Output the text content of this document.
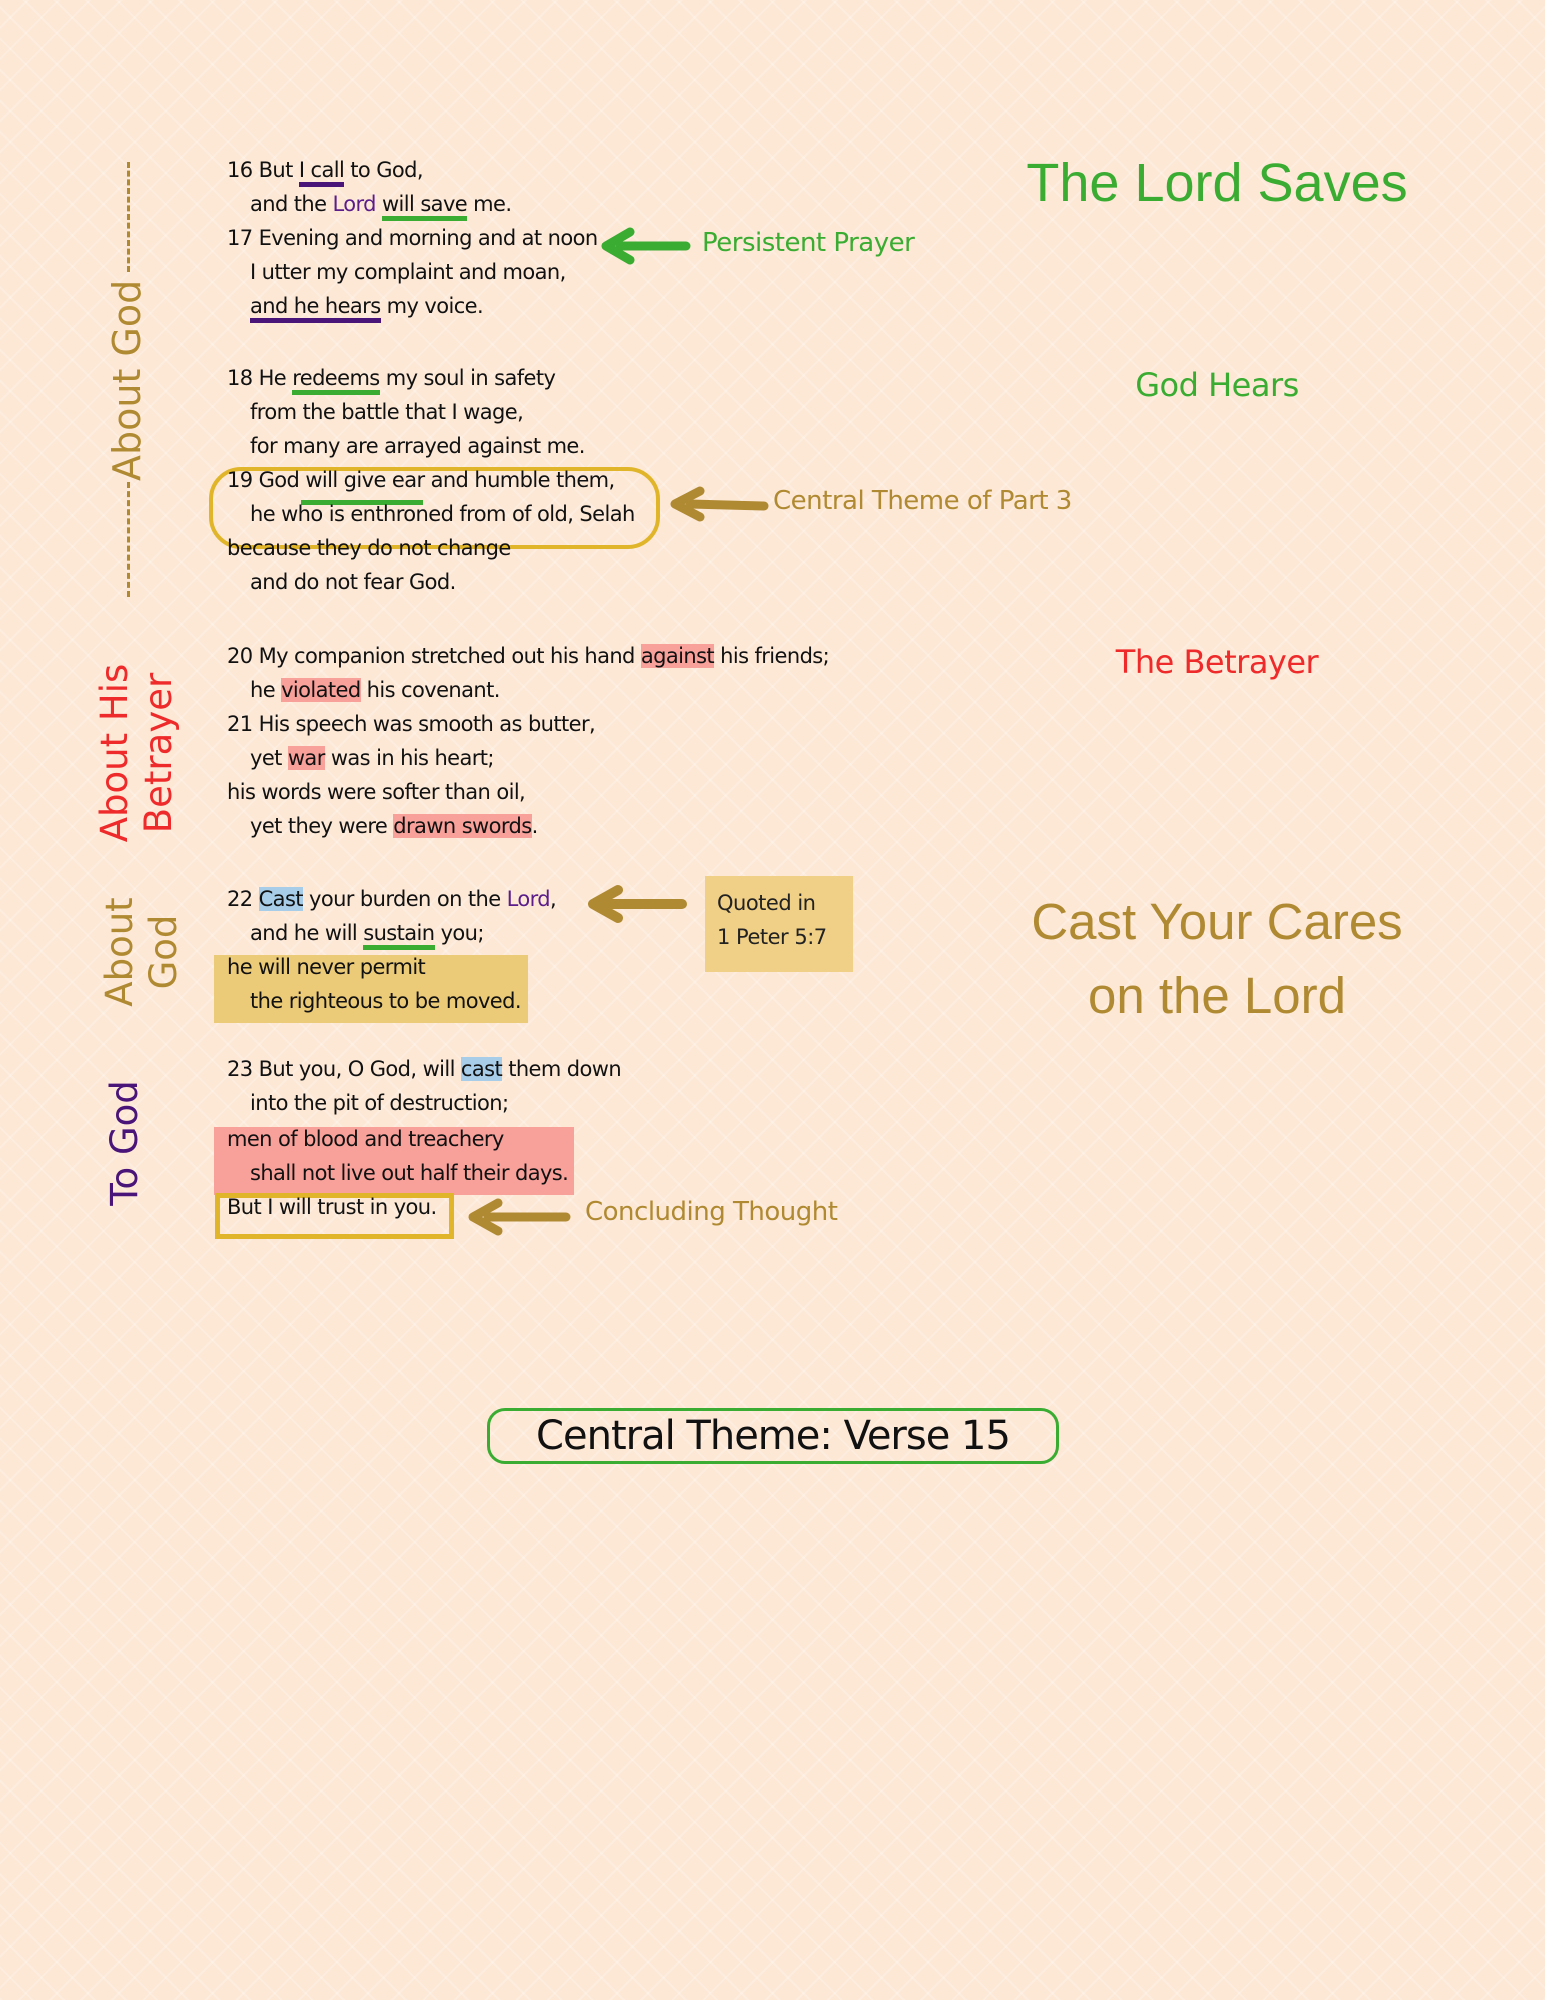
About God
About His Betrayer
About God
To God
The Lord Saves
God Hears
The Betrayer
Cast Your Cares
on the Lord
16 But I call to God,
and the Lord will save me.
17 Evening and morning and at noon
I utter my complaint and moan,
and he hears my voice.
Persistent Prayer
18 He redeems my soul in safety
from the battle that I wage,
for many are arrayed against me.
19 God will give ear and humble them,
he who is enthroned from of old, Selah
because they do not change
and do not fear God.
Central Theme of Part 3
20 My companion stretched out his hand against his friends;
he violated his covenant.
21 His speech was smooth as butter,
yet war was in his heart;
his words were softer than oil,
yet they were drawn swords.
22 Cast your burden on the Lord,
and he will sustain you;
he will never permit
the righteous to be moved.
Quoted in
1 Peter 5:7
23 But you, O God, will cast them down
into the pit of destruction;
men of blood and treachery
shall not live out half their days.
But I will trust in you.	Concluding Thought
Central Theme: Verse 15
